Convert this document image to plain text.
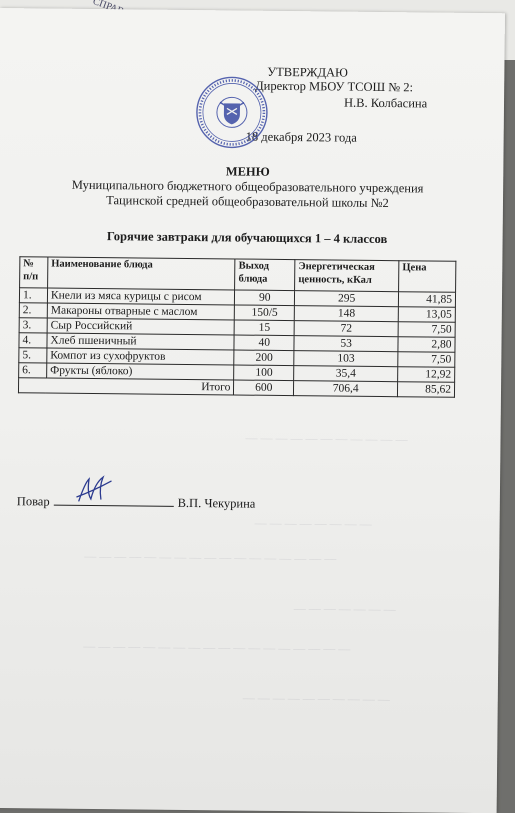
— — — — — — — — — — —
— — — — — — — —
— — — — — — — — — — — — — — — — —
— — — — — — —
— — — — — — — — — — — — — — — — — —
— — — — — — — — — —
УТВЕРЖДАЮ
Директор МБОУ ТСОШ № 2:
Н.В. Колбасина
18 декабря 2023 года
МЕНЮ
Муниципального бюджетного общеобразовательного учреждения
Тацинской средней общеобразовательной школы №2
Горячие завтраки для обучающихся 1 – 4 классов
№ п/п	Наименование блюда	Выход блюда	Энергетическая ценность, кКал	Цена
1.	Кнели из мяса курицы с рисом	90	295	41,85
2.	Макароны отварные с маслом	150/5	148	13,05
3.	Сыр Российский	15	72	7,50
4.	Хлеб пшеничный	40	53	2,80
5.	Компот из сухофруктов	200	103	7,50
6.	Фрукты (яблоко)	100	35,4	12,92
Итого		600	706,4	85,62
Повар	В.П. Чекурина
